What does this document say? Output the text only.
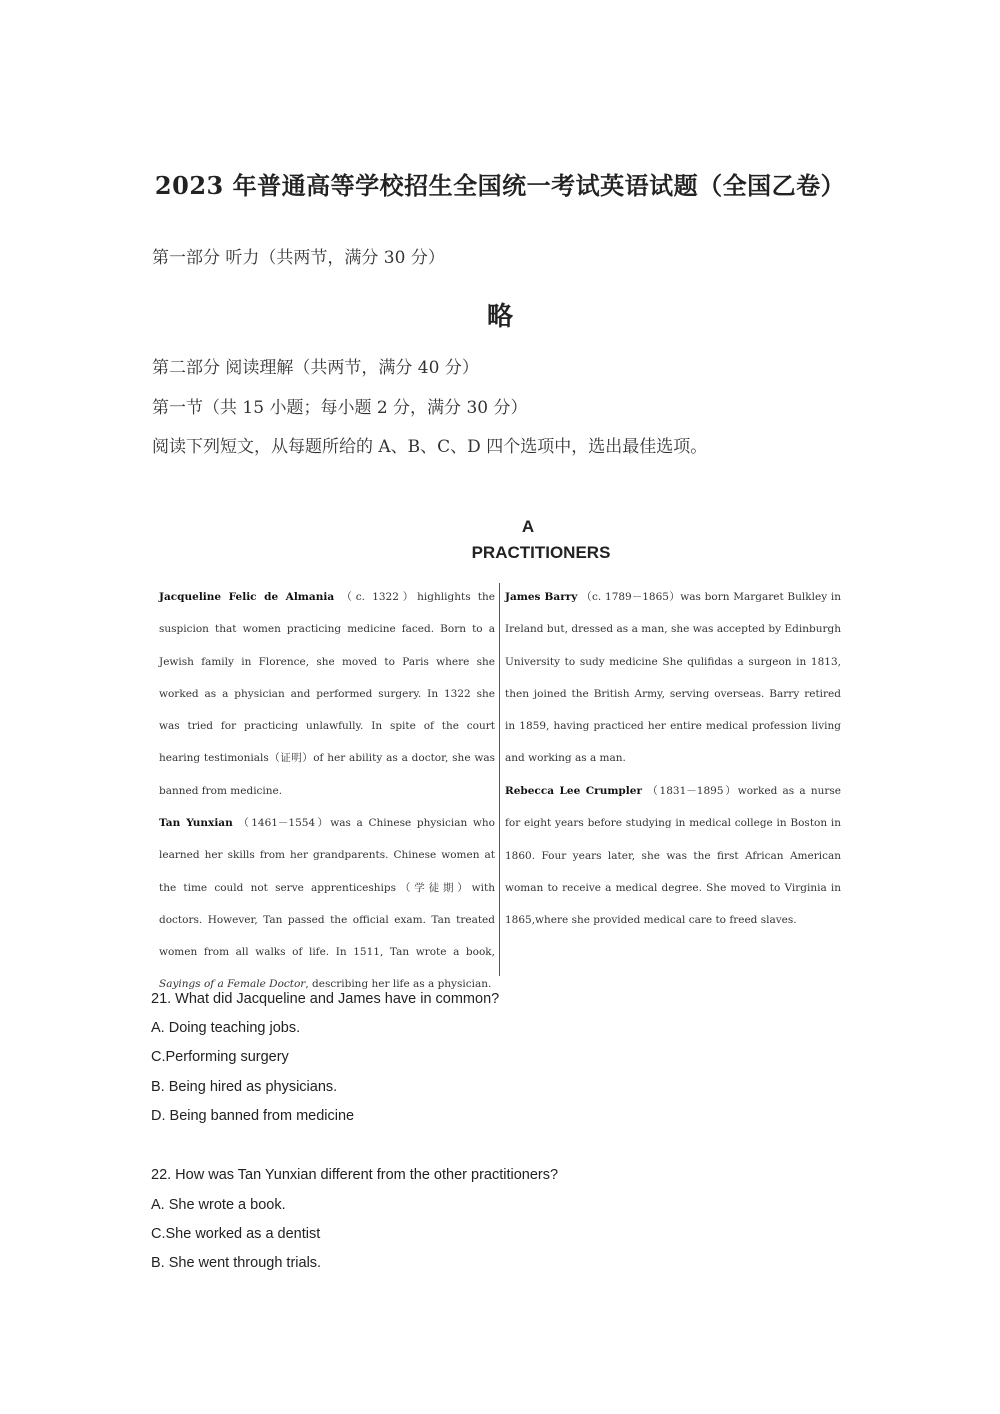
2023 年普通高等学校招生全国统一考试英语试题（全国乙卷）
第一部分 听力（共两节，满分 30 分）
略
第二部分 阅读理解（共两节，满分 40 分）
第一节（共 15 小题；每小题 2 分，满分 30 分）
阅读下列短文，从每题所给的 A、B、C、D 四个选项中，选出最佳选项。
A
PRACTITIONERS
Jacqueline Felic de Almania （c. 1322）highlights the suspicion that women practicing medicine faced. Born to a Jewish family in Florence, she moved to Paris where she worked as a physician and performed surgery. In 1322 she was tried for practicing unlawfully. In spite of the court hearing testimonials（证明）of her ability as a doctor, she was banned from medicine.
Tan Yunxian （1461－1554）was a Chinese physician who learned her skills from her grandparents. Chinese women at the time could not serve apprenticeships（学徒期）with doctors. However, Tan passed the official exam. Tan treated women from all walks of life. In 1511, Tan wrote a book, Sayings of a Female Doctor, describing her life as a physician.
James Barry （c. 1789－1865）was born Margaret Bulkley in Ireland but, dressed as a man, she was accepted by Edinburgh University to sudy medicine She qulifidas a surgeon in 1813, then joined the British Army, serving overseas. Barry retired in 1859, having practiced her entire medical profession living and working as a man.
Rebecca Lee Crumpler （1831－1895）worked as a nurse for eight years before studying in medical college in Boston in 1860. Four years later, she was the first African American woman to receive a medical degree. She moved to Virginia in 1865,where she provided medical care to freed slaves.
21. What did Jacqueline and James have in common?
A. Doing teaching jobs.
C.Performing surgery
B. Being hired as physicians.
D. Being banned from medicine
22. How was Tan Yunxian different from the other practitioners?
A. She wrote a book.
C.She worked as a dentist
B. She went through trials.
